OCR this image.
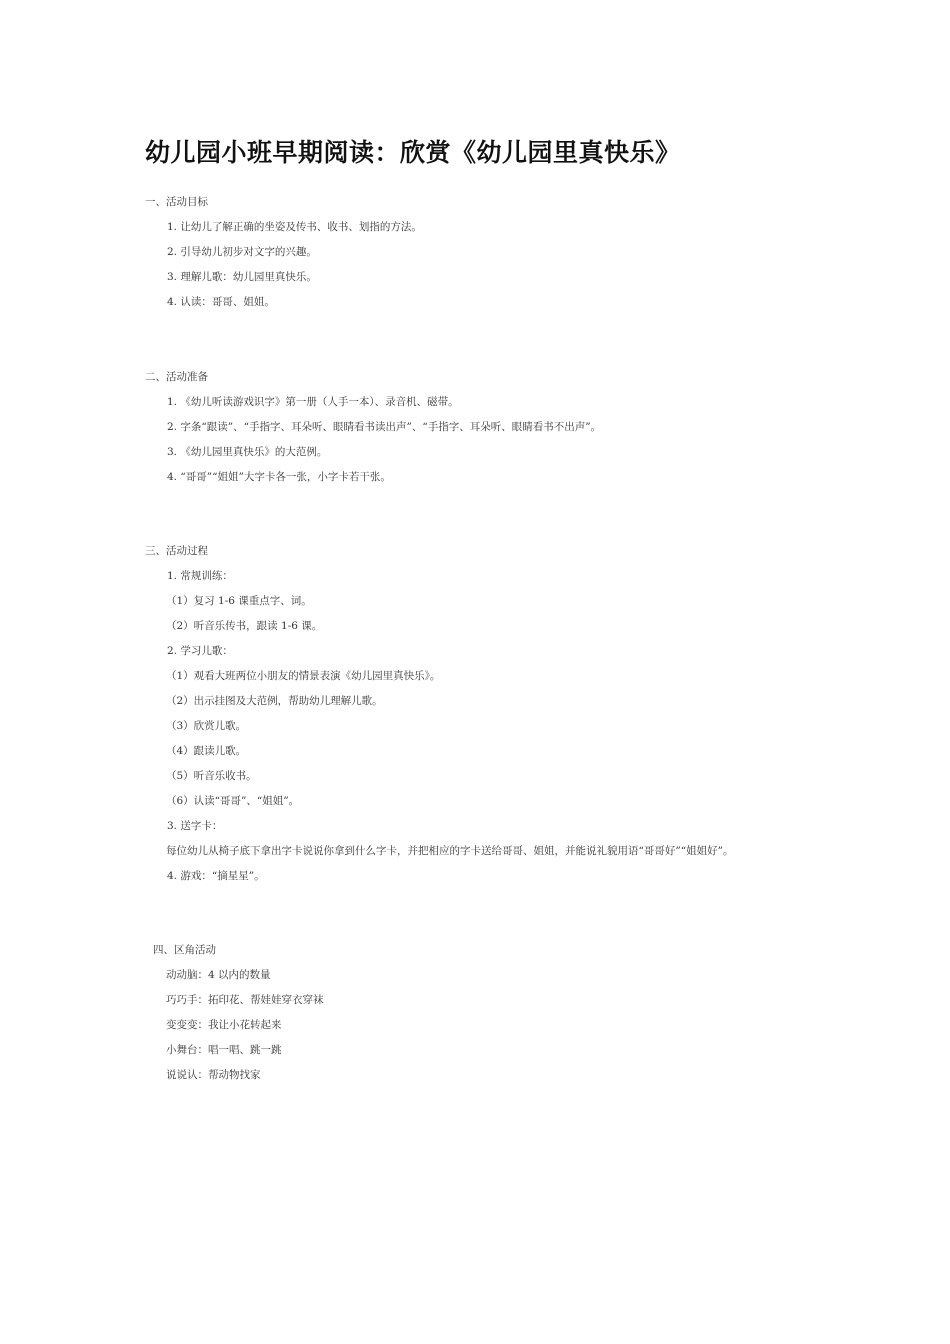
幼儿园小班早期阅读：欣赏《幼儿园里真快乐》
一、活动目标
1. 让幼儿了解正确的坐姿及传书、收书、划指的方法。
2. 引导幼儿初步对文字的兴趣。
3. 理解儿歌：幼儿园里真快乐。
4. 认读：哥哥、姐姐。
二、活动准备
1. 《幼儿听读游戏识字》第一册（人手一本）、录音机、磁带。
2. 字条“跟读”、“手指字、耳朵听、眼睛看书读出声”、“手指字、耳朵听、眼睛看书不出声”。
3. 《幼儿园里真快乐》的大范例。
4. “哥哥”“姐姐”大字卡各一张，小字卡若干张。
三、活动过程
1. 常规训练：
（1）复习 1-6 课重点字、词。
（2）听音乐传书，跟读 1-6 课。
2. 学习儿歌：
（1）观看大班两位小朋友的情景表演《幼儿园里真快乐》。
（2）出示挂图及大范例，帮助幼儿理解儿歌。
（3）欣赏儿歌。
（4）跟读儿歌。
（5）听音乐收书。
（6）认读“哥哥”、“姐姐”。
3. 送字卡：
每位幼儿从椅子底下拿出字卡说说你拿到什么字卡，并把相应的字卡送给哥哥、姐姐，并能说礼貌用语“哥哥好”“姐姐好”。
4. 游戏：“摘星星”。
四、区角活动
动动脑：4 以内的数量
巧巧手：拓印花、帮娃娃穿衣穿袜
变变变：我让小花转起来
小舞台：唱一唱、跳一跳
说说认：帮动物找家
